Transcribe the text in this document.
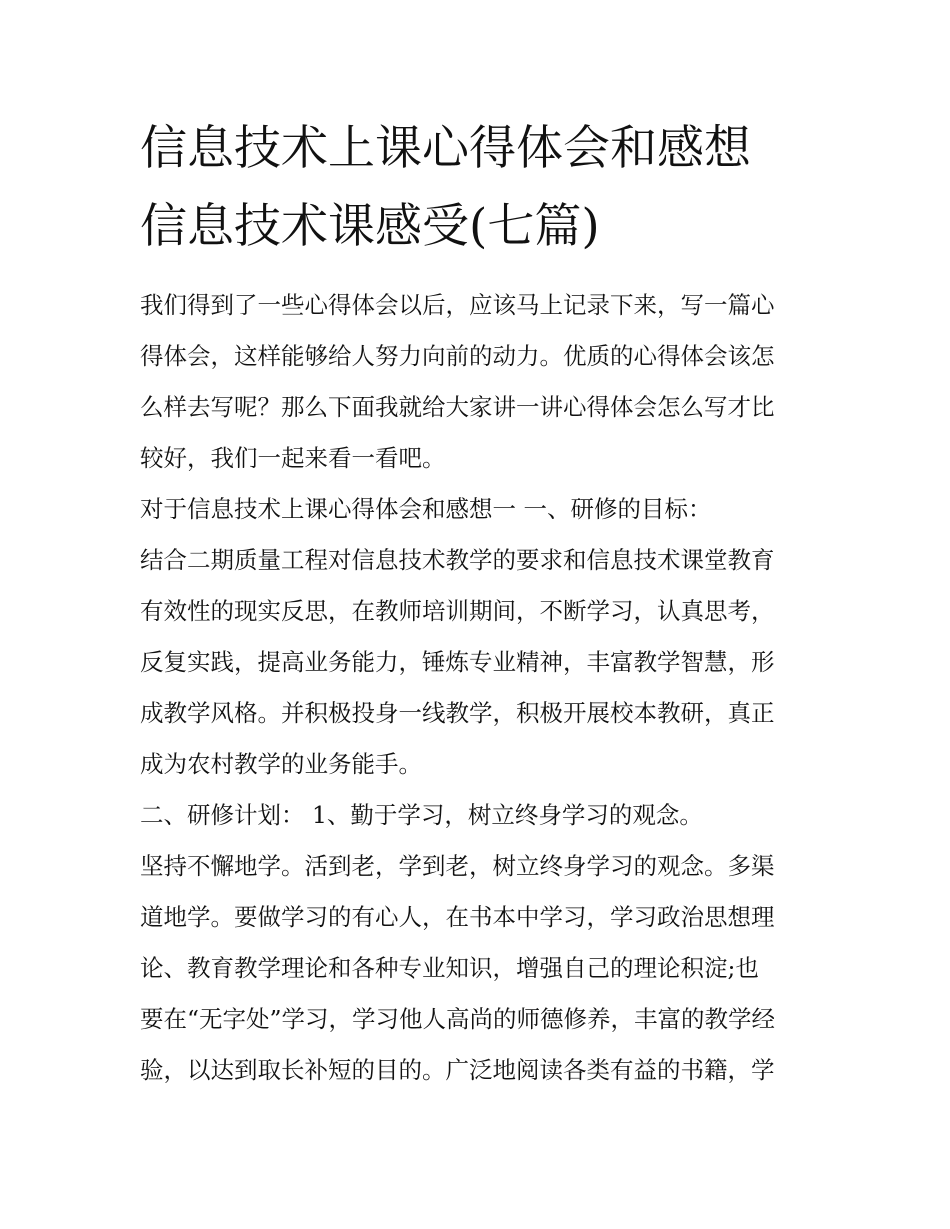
信息技术上课心得体会和感想
信息技术课感受(七篇)

我们得到了一些心得体会以后，应该马上记录下来，写一篇心

得体会，这样能够给人努力向前的动力。优质的心得体会该怎

么样去写呢？那么下面我就给大家讲一讲心得体会怎么写才比

较好，我们一起来看一看吧。

对于信息技术上课心得体会和感想一 一、研修的目标：

结合二期质量工程对信息技术教学的要求和信息技术课堂教育

有效性的现实反思，在教师培训期间，不断学习，认真思考，

反复实践，提高业务能力，锤炼专业精神，丰富教学智慧，形

成教学风格。并积极投身一线教学，积极开展校本教研，真正

成为农村教学的业务能手。

二、研修计划： 1、勤于学习，树立终身学习的观念。

坚持不懈地学。活到老，学到老，树立终身学习的观念。多渠

道地学。要做学习的有心人，在书本中学习，学习政治思想理

论、教育教学理论和各种专业知识，增强自己的理论积淀;也

要在“无字处”学习，学习他人高尚的师德修养，丰富的教学经

验，以达到取长补短的目的。广泛地阅读各类有益的书籍，学
